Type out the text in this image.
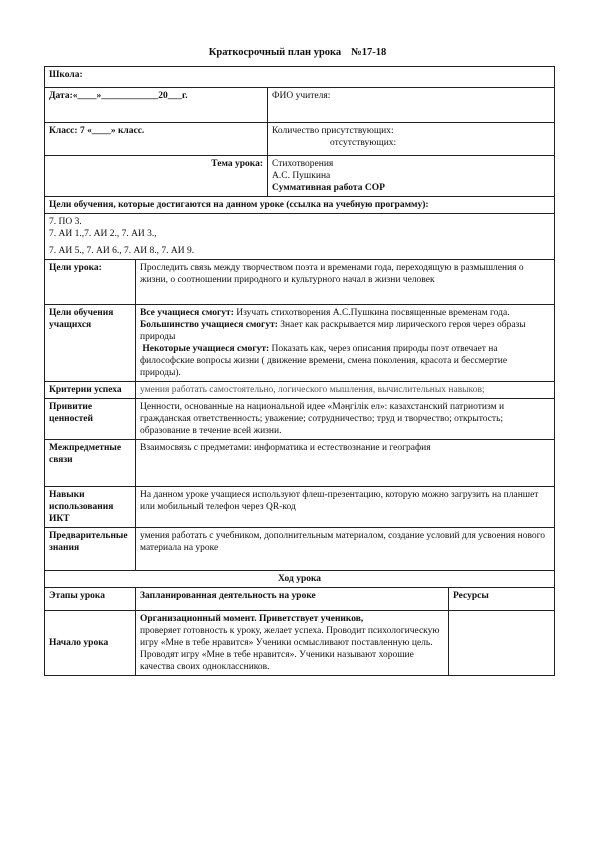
Краткосрочный план урока №17-18
Школа:			
Дата:«____»____________20___г.		ФИО учителя:	
Класс: 7 «____» класс.		Количество присутствующих:
отсутствующих:	

Тема урока:		Стихотворения
А.С. Пушкина
Суммативная работа СОР	

Цели обучения, которые достигаются на данном уроке (ссылка на учебную программу):			

7. ПО 3.
7. АИ 1.,7. АИ 2., 7. АИ 3.,
7. АИ 5., 7. АИ 6., 7. АИ 8., 7. АИ 9.			

Цели урока:	Проследить связь между творчеством поэта и временами года, переходящую в размышления о жизни, о соотношении природного и культурного начал в жизни человек		
Цели обучения учащихся	Все учащиеся смогут: Изучать стихотворения А.С.Пушкина посвященные временам года.
Большинство учащиеся смогут: Знает как раскрывается мир лирического героя через образы природы
Некоторые учащиеся смогут: Показать как, через описания природы поэт отвечает на философские вопросы жизни ( движение времени, смена поколения, красота и бессмертие природы).		

Критерии успеха	умения работать самостоятельно, логического мышления, вычислительных навыков;		
Привитие ценностей	Ценности, основанные на национальной идее «Мәңгілік ел»: казахстанский патриотизм и гражданская ответственность; уважение; сотрудничество; труд и творчество; открытость; образование в течение всей жизни.		
Межпредметные связи	Взаимосвязь с предметами: информатика и естествознание и география		
Навыки использования ИКТ	На данном уроке учащиеся используют флеш-презентацию, которую можно загрузить на планшет или мобильный телефон через QR-код		
Предварительные знания	умения работать с учебником, дополнительным материалом, создание условий для усвоения нового материала на уроке		
Ход урока			
Этапы урока	Запланированная деятельность на уроке		Ресурсы
Начало урока	Организационный момент. Приветствует учеников,
проверяет готовность к уроку, желает успеха. Проводит психологическую игру «Мне в тебе нравится» Ученики осмысливают поставленную цель. Проводят игру «Мне в тебе нравится». Ученики называют хорошие качества своих одноклассников.		
